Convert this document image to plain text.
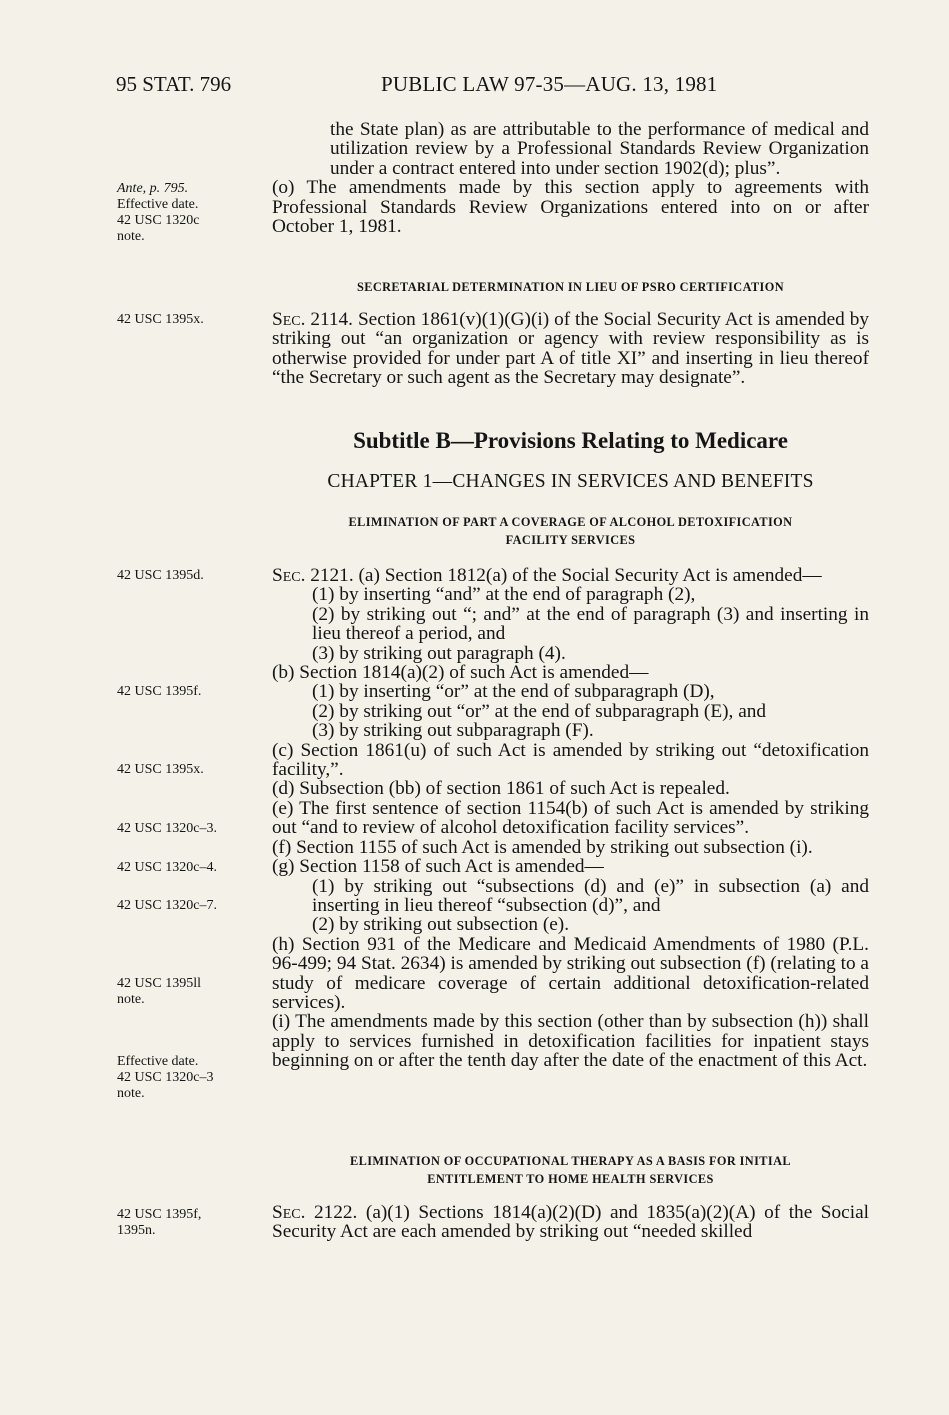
95 STAT. 796	PUBLIC LAW 97-35—AUG. 13, 1981
Ante, p. 795.
Effective date.
42 USC 1320c
note.
42 USC 1395x.
42 USC 1395d.
42 USC 1395f.
42 USC 1395x.
42 USC 1320c–3.
42 USC 1320c–4.
42 USC 1320c–7.
42 USC 1395ll
note.
Effective date.
42 USC 1320c–3
note.
42 USC 1395f,
1395n.

the State plan) as are attributable to the performance of medical and utilization review by a Professional Standards Review Organization under a contract entered into under section 1902(d); plus”.

(o) The amendments made by this section apply to agreements with Professional Standards Review Organizations entered into on or after October 1, 1981.

SECRETARIAL DETERMINATION IN LIEU OF PSRO CERTIFICATION

Sec. 2114. Section 1861(v)(1)(G)(i) of the Social Security Act is amended by striking out “an organization or agency with review responsibility as is otherwise provided for under part A of title XI” and inserting in lieu thereof “the Secretary or such agent as the Secretary may designate”.

Subtitle B—Provisions Relating to Medicare
CHAPTER 1—CHANGES IN SERVICES AND BENEFITS
ELIMINATION OF PART A COVERAGE OF ALCOHOL DETOXIFICATION
FACILITY SERVICES

Sec. 2121. (a) Section 1812(a) of the Social Security Act is amended—

(1) by inserting “and” at the end of paragraph (2),

(2) by striking out “; and” at the end of paragraph (3) and inserting in lieu thereof a period, and

(3) by striking out paragraph (4).

(b) Section 1814(a)(2) of such Act is amended—

(1) by inserting “or” at the end of subparagraph (D),

(2) by striking out “or” at the end of subparagraph (E), and

(3) by striking out subparagraph (F).

(c) Section 1861(u) of such Act is amended by striking out “detoxification facility,”.

(d) Subsection (bb) of section 1861 of such Act is repealed.

(e) The first sentence of section 1154(b) of such Act is amended by striking out “and to review of alcohol detoxification facility services”.

(f) Section 1155 of such Act is amended by striking out subsection (i).

(g) Section 1158 of such Act is amended—

(1) by striking out “subsections (d) and (e)” in subsection (a) and inserting in lieu thereof “subsection (d)”, and

(2) by striking out subsection (e).

(h) Section 931 of the Medicare and Medicaid Amendments of 1980 (P.L. 96-499; 94 Stat. 2634) is amended by striking out subsection (f) (relating to a study of medicare coverage of certain additional detoxification-related services).

(i) The amendments made by this section (other than by subsection (h)) shall apply to services furnished in detoxification facilities for inpatient stays beginning on or after the tenth day after the date of the enactment of this Act.

ELIMINATION OF OCCUPATIONAL THERAPY AS A BASIS FOR INITIAL
ENTITLEMENT TO HOME HEALTH SERVICES

Sec. 2122. (a)(1) Sections 1814(a)(2)(D) and 1835(a)(2)(A) of the Social Security Act are each amended by striking out “needed skilled
